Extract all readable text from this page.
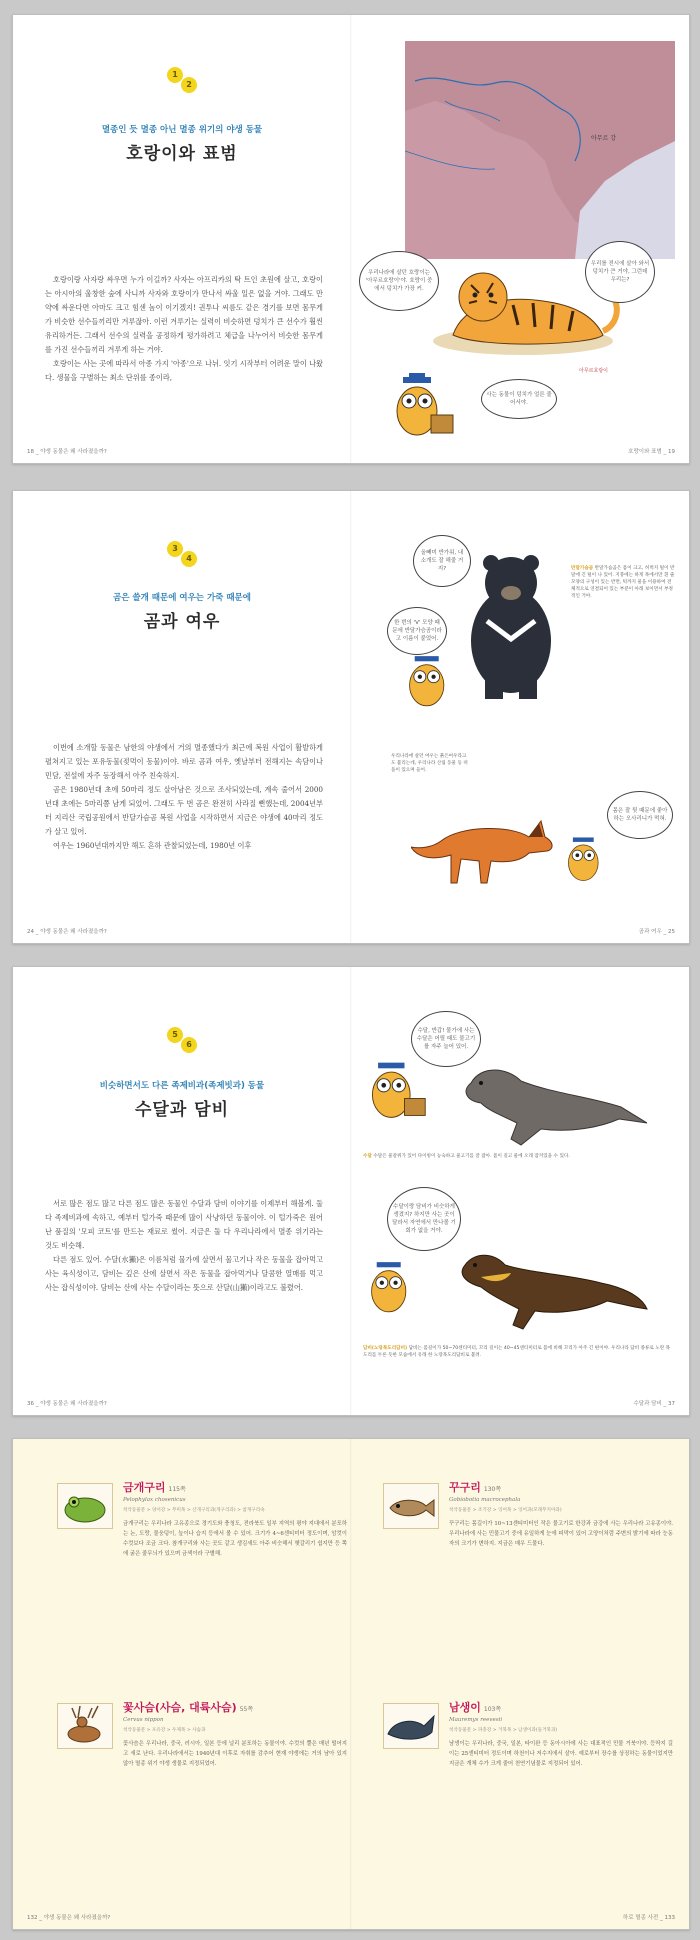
1
2
멸종인 듯 멸종 아닌 멸종 위기의 야생 동물
호랑이와 표범

호랑이랑 사자랑 싸우면 누가 이길까? 사자는 아프리카의 탁 트인 초원에 살고, 호랑이는 아시아의 울창한 숲에 사니까 사자와 호랑이가 만나서 싸울 일은 없을 거야. 그래도 만약에 싸운다면 아마도 크고 힘센 놈이 이기겠지! 권투나 씨름도 같은 경기를 보면 몸무게가 비슷한 선수들끼리만 겨루잖아. 이런 겨루기는 실력이 비슷하면 덩치가 큰 선수가 훨씬 유리하거든. 그래서 선수의 실력을 공정하게 평가하려고 체급을 나누어서 비슷한 몸무게를 가진 선수들끼리 겨루게 하는 거야.

호랑이는 사는 곳에 따라서 아종 가지 '아종'으로 나뉘. 잇기 시작부터 어려운 말이 나왔다. 생물을 구별하는 최소 단위를 종이라,

18 _ 야생 동물은 왜 사라졌을까?
아무르 강
우리나라에 살던 호랑이는 '아무르호랑이'야. 호랑이 중에서 덩치가 가장 커.
우리를 전시에 살아 와서 덩치가 큰 거야, 그런데 우리는?
사는 동물이 덩치가 얼른 줄어서야.
아무르호랑이
호랑이와 표범 _ 19
3
4
곰은 쓸개 때문에 여우는 가죽 때문에
곰과 여우

이번에 소개할 동물은 남한의 야생에서 거의 멸종했다가 최근에 복원 사업이 활발하게 펼쳐지고 있는 포유동물(젖먹이 동물)이야. 바로 곰과 여우, 옛날부터 전해지는 속담이나 민담, 전설에 자주 등장해서 아주 친숙하지.

곰은 1980년대 초에 50마리 정도 살아남은 것으로 조사되었는데, 계속 줄어서 2000년대 초에는 5마리쯤 남게 되었어. 그래도 두 번 곰은 완전히 사라질 뻔했는데, 2004년부터 지리산 국립공원에서 반달가슴곰 복원 사업을 시작하면서 지금은 야생에 40마리 정도가 살고 있어.

여우는 1960년대까지만 해도 흔하 관찰되었는데, 1980년 이후

24 _ 야생 동물은 왜 사라졌을까?
올빼미 반가워, 내 소개도 잘 해줄 거지?
한 번의 'V' 모양 때문에 반달가슴곰이라고 이름이 붙었어.
반달가슴곰 반달가슴곰은 몸이 크고, 허벅지 털이 반 달에 긴 털이 나 있어. 지붕에는 하게 목에서만 흰 줄모양의 구성이 있는 반면, 턱까지 물을 이용하여 전체적으로 연결되어 있는 부분이 아래 보이면서 부정적인 거야.
우리나라에 살던 여우는 붉은여우라고도 불리는데, 우리나라 산림 동물 등 떠돌이 있으며 들어.
몸은 잘 뒷 때문에 좋아하는 오사리니가 먹혀.
곰과 여우 _ 25
5
6
비슷하면서도 다른 족제비과(족제빗과) 동물
수달과 담비

서로 많은 점도 많고 다른 점도 많은 동물인 수달과 담비 이야기를 이제부터 해볼게. 둘 다 족제비과에 속하고, 예부터 털가죽 때문에 많이 사냥하던 동물이야. 이 털가죽은 원어난 품질의 '모피 코트'를 만드는 재료로 썼어. 지금은 둘 다 우리나라에서 멸종 위기라는 것도 비슷해.

다른 점도 있어. 수달(水獺)은 이름처럼 물가에 살면서 물고기나 작은 동물을 잡아먹고 사는 육식성이고, 담비는 깊은 산에 살면서 작은 동물을 잡아먹거나 달콤한 열매를 먹고 사는 잡식성이야. 담비는 산에 사는 수달이라는 뜻으로 산달(山獺)이라고도 불렸어.

36 _ 야생 동물은 왜 사라졌을까?
수달, 반갑! 물가에 사는 수달은 어릴 때도 물고기를 자주 늘어 있어.
수달 수달은 물갈퀴가 있어 다이빙이 능숙하고 물고기를 잘 잡아. 몸이 길고 물에 오래 잠겨있을 수 있다.
수달이랑 담비가 비슷하게 생겼지? 하지만 사는 곳이 달라서 자연에서 만나볼 기회가 없을 거야.
담비(노랑목도리담비) 담비는 몸길이가 50~70센티미터, 꼬리 길이는 40~45센티미터로 몸에 비해 꼬리가 아주 긴 편이야. 우리나라 담비 종류로 노란 목도리를 두른 듯한 모습에서 유래 한 노랑목도리담비로 불려.
수달과 담비 _ 37
금개구리 115쪽
Pelophylax chosenicus
척삭동물문 > 양서강 > 무미목 > 산개구리과(개구리과) > 참개구리속
금개구리는 우리나라 고유종으로 경기도와 충청도, 전라북도 일부 지역의 평야 지대에서 분포하는 논, 도랑, 물웅덩이, 늪이나 습지 등에서 볼 수 있어. 크기가 4~6센티미터 정도이며, 암컷이 수컷보다 조금 크다. 참개구리와 사는 곳도 같고 생김새도 아주 비슷해서 헷갈리기 쉽지만 등 쪽에 굵은 줄무늬가 있으며 금색이라 구별해.
꾸구리 130쪽
Gobiobotia macrocephala
척삭동물문 > 조기강 > 잉어목 > 잉어과(모래무지아과)
꾸구리는 몸길이가 10~13센티미터인 작은 물고기로 한강과 금강에 사는 우리나라 고유종이야. 우리나라에 사는 민물고기 중에 유일하게 눈에 피막이 있어 고양이처럼 주변의 밝기에 따라 눈동자의 크기가 변하지. 지금은 매우 드물다.
꽃사슴(사슴, 대륙사슴) 55쪽
Cervus nippon
척삭동물문 > 포유강 > 우제목 > 사슴과
꽃사슴은 우리나라, 중국, 러시아, 일본 등에 널리 분포하는 동물이야. 수컷의 뿔은 매년 떨어지고 새로 난다. 우리나라에서는 1940년대 이후로 자취를 감추어 현재 야생에는 거의 남아 있지 않아 멸종 위기 야생 생물로 지정되었어.
남생이 103쪽
Mauremys reevesii
척삭동물문 > 파충강 > 거북목 > 남생이과(돌거북과)
남생이는 우리나라, 중국, 일본, 타이완 등 동아시아에 사는 대표적인 민물 거북이야. 등딱지 길이는 25센티미터 정도이며 하천이나 저수지에서 살아. 예로부터 장수를 상징하는 동물이었지만 지금은 개체 수가 크게 줄어 천연기념물로 지정되어 있어.
132 _ 야생 동물은 왜 사라졌을까?	하로 멸종 사전 _ 133
